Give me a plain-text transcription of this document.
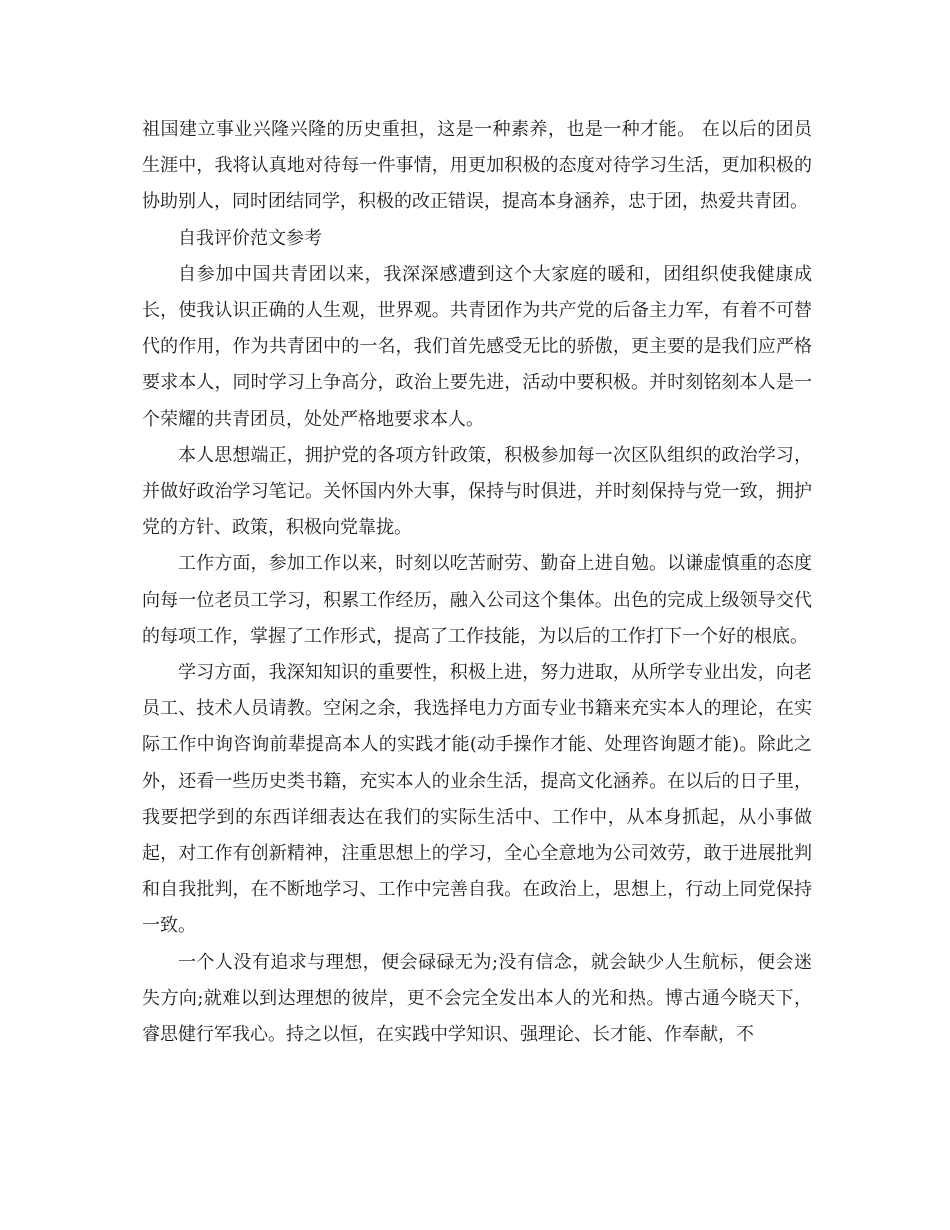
祖国建立事业兴隆兴隆的历史重担，这是一种素养，也是一种才能。 在以后的团员生涯中，我将认真地对待每一件事情，用更加积极的态度对待学习生活，更加积极的协助别人，同时团结同学，积极的改正错误，提高本身涵养，忠于团，热爱共青团。

自我评价范文参考

自参加中国共青团以来，我深深感遭到这个大家庭的暖和，团组织使我健康成长，使我认识正确的人生观，世界观。共青团作为共产党的后备主力军，有着不可替代的作用，作为共青团中的一名，我们首先感受无比的骄傲，更主要的是我们应严格要求本人，同时学习上争高分，政治上要先进，活动中要积极。并时刻铭刻本人是一个荣耀的共青团员，处处严格地要求本人。

本人思想端正，拥护党的各项方针政策，积极参加每一次区队组织的政治学习，并做好政治学习笔记。关怀国内外大事，保持与时俱进，并时刻保持与党一致，拥护党的方针、政策，积极向党靠拢。

工作方面，参加工作以来，时刻以吃苦耐劳、勤奋上进自勉。以谦虚慎重的态度向每一位老员工学习，积累工作经历，融入公司这个集体。出色的完成上级领导交代的每项工作，掌握了工作形式，提高了工作技能，为以后的工作打下一个好的根底。

学习方面，我深知知识的重要性，积极上进，努力进取，从所学专业出发，向老员工、技术人员请教。空闲之余，我选择电力方面专业书籍来充实本人的理论，在实际工作中询咨询前辈提高本人的实践才能(动手操作才能、处理咨询题才能)。除此之外，还看一些历史类书籍，充实本人的业余生活，提高文化涵养。在以后的日子里，我要把学到的东西详细表达在我们的实际生活中、工作中，从本身抓起，从小事做起，对工作有创新精神，注重思想上的学习，全心全意地为公司效劳，敢于进展批判和自我批判，在不断地学习、工作中完善自我。在政治上，思想上，行动上同党保持一致。

一个人没有追求与理想，便会碌碌无为;没有信念，就会缺少人生航标，便会迷失方向;就难以到达理想的彼岸，更不会完全发出本人的光和热。博古通今晓天下，睿思健行军我心。持之以恒，在实践中学知识、强理论、长才能、作奉献，不
